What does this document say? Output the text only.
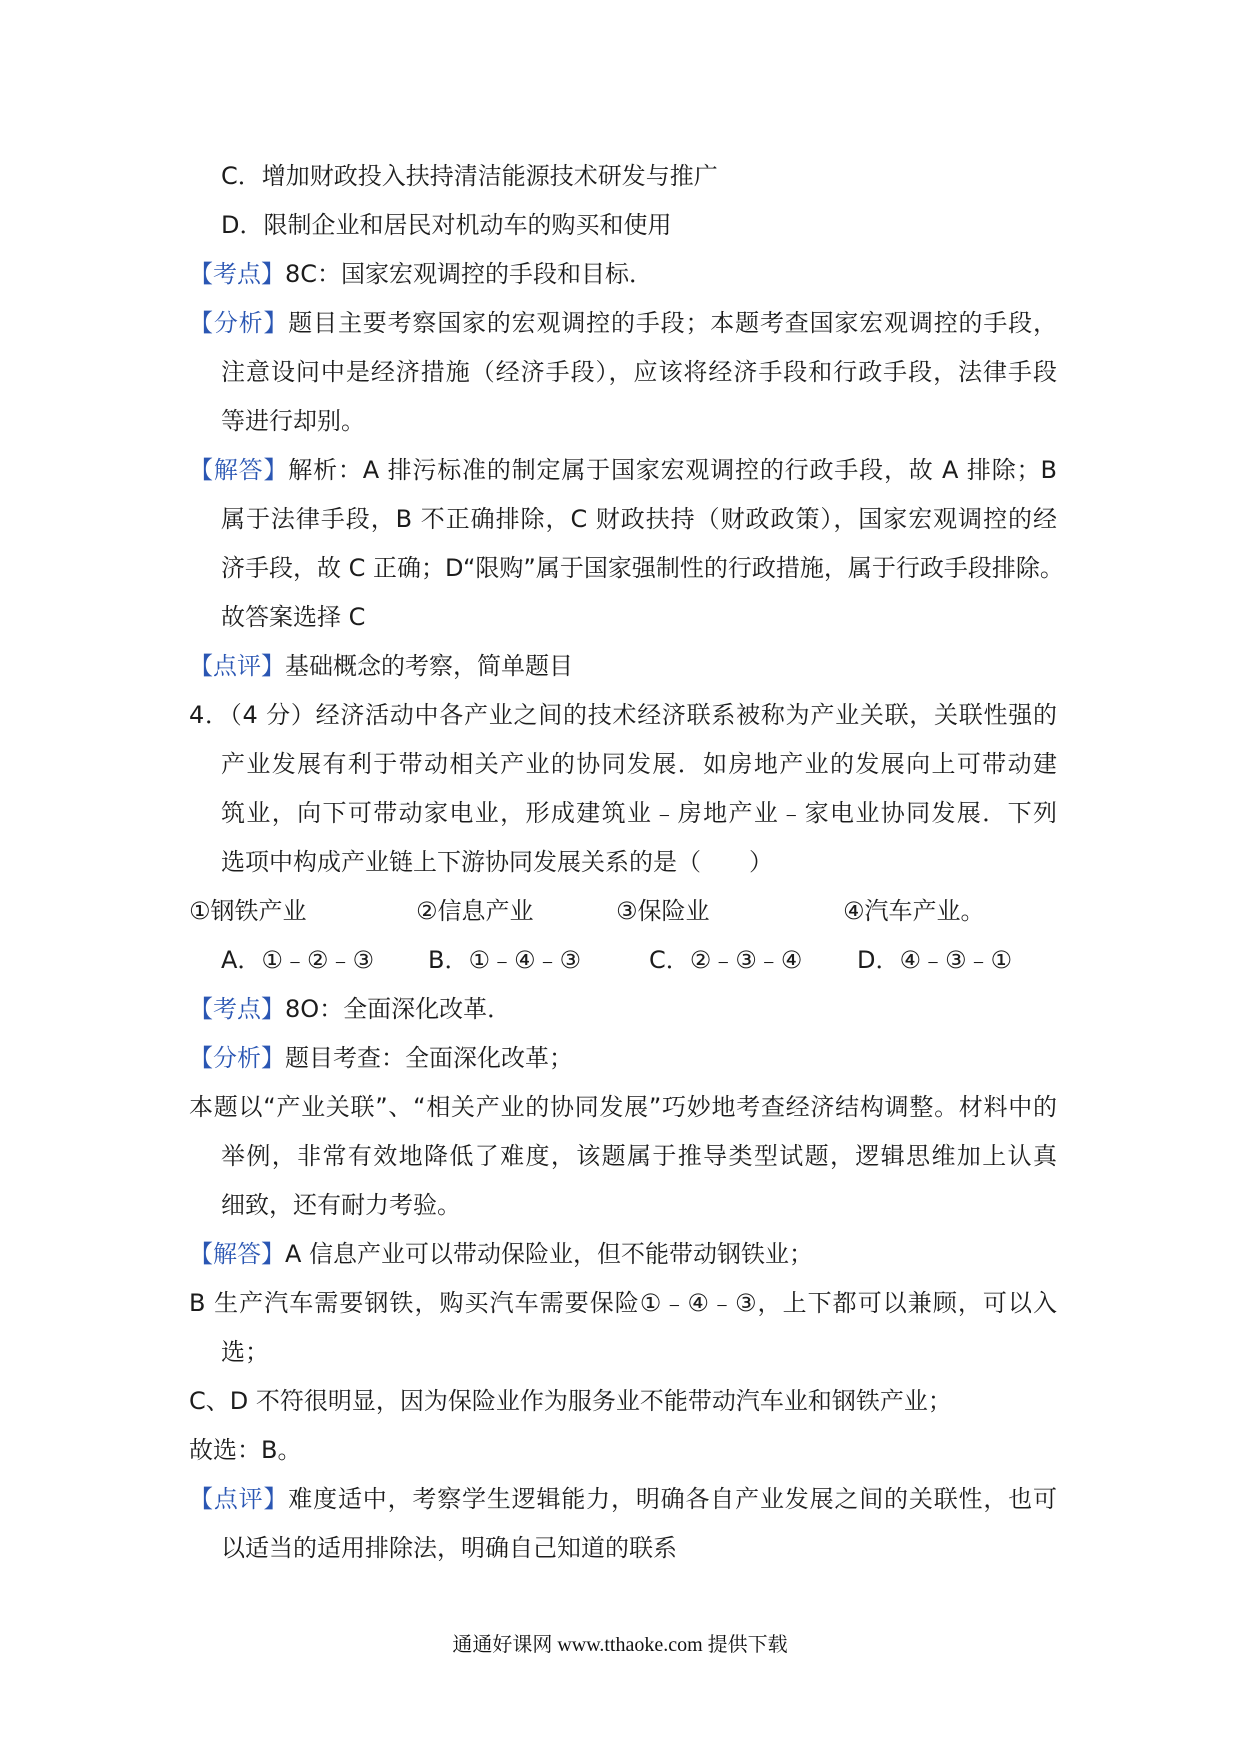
C．增加财政投入扶持清洁能源技术研发与推广
D．限制企业和居民对机动车的购买和使用
【考点】8C：国家宏观调控的手段和目标．
【分析】题目主要考察国家的宏观调控的手段；本题考查国家宏观调控的手段，
注意设问中是经济措施（经济手段），应该将经济手段和行政手段，法律手段
等进行却别。
【解答】解析：A 排污标准的制定属于国家宏观调控的行政手段，故 A 排除；B
属于法律手段，B 不正确排除，C 财政扶持（财政政策），国家宏观调控的经
济手段，故 C 正确；D“限购”属于国家强制性的行政措施，属于行政手段排除。
故答案选择 C
【点评】基础概念的考察，简单题目
4．（4 分）经济活动中各产业之间的技术经济联系被称为产业关联，关联性强的
产业发展有利于带动相关产业的协同发展．如房地产业的发展向上可带动建
筑业，向下可带动家电业，形成建筑业﹣房地产业﹣家电业协同发展．下列
选项中构成产业链上下游协同发展关系的是（　　）
①钢铁产业	②信息产业	③保险业	④汽车产业。
A．①﹣②﹣③ B．①﹣④﹣③	C．②﹣③﹣④ D．④﹣③﹣①
【考点】8O：全面深化改革．
【分析】题目考查：全面深化改革；
本题以“产业关联”、“相关产业的协同发展”巧妙地考查经济结构调整。材料中的
举例，非常有效地降低了难度，该题属于推导类型试题，逻辑思维加上认真
细致，还有耐力考验。
【解答】A 信息产业可以带动保险业，但不能带动钢铁业；
B 生产汽车需要钢铁，购买汽车需要保险①﹣④﹣③，上下都可以兼顾，可以入
选；
C、D 不符很明显，因为保险业作为服务业不能带动汽车业和钢铁产业；
故选：B。
【点评】难度适中，考察学生逻辑能力，明确各自产业发展之间的关联性，也可
以适当的适用排除法，明确自己知道的联系
通通好课网 www.tthaoke.com 提供下载
